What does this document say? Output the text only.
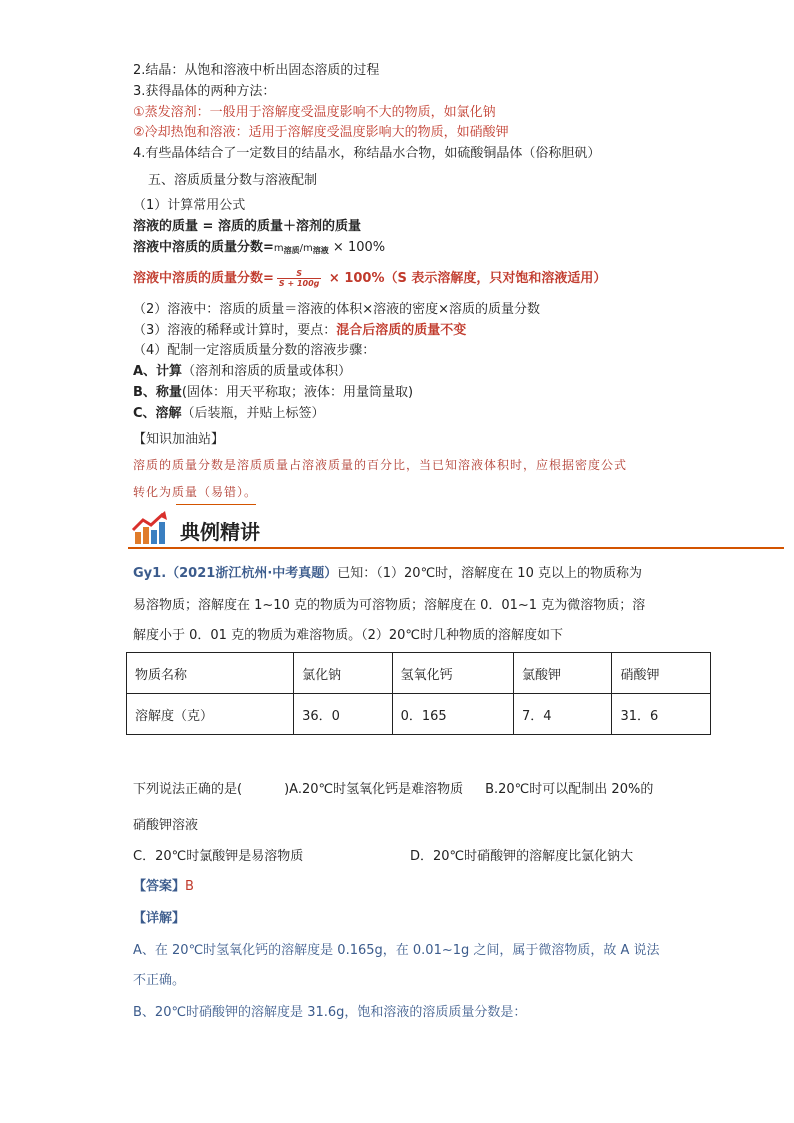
2.结晶：从饱和溶液中析出固态溶质的过程
3.获得晶体的两种方法：
①蒸发溶剂：一般用于溶解度受温度影响不大的物质，如氯化钠
②冷却热饱和溶液：适用于溶解度受温度影响大的物质，如硝酸钾
4.有些晶体结合了一定数目的结晶水，称结晶水合物，如硫酸铜晶体（俗称胆矾）
五、溶质质量分数与溶液配制
（1）计算常用公式
溶液的质量 = 溶质的质量＋溶剂的质量
溶液中溶质的质量分数$=m_{溶质}/m_{溶液} \times 100\%$
溶液中溶质的质量分数= $\frac{S}{S + 100g} \times 100\%(S$ 表示溶解度，只对饱和溶液适用）
（2）溶液中：溶质的质量＝溶液的体积×溶液的密度×溶质的质量分数
（3）溶液的稀释或计算时，要点：混合后溶质的质量不变
（4）配制一定溶质质量分数的溶液步骤：
A、计算（溶剂和溶质的质量或体积）
B、称量(固体：用天平称取；液体：用量筒量取)
C、溶解（后装瓶，并贴上标签）
【知识加油站】
溶质的质量分数是溶质质量占溶液质量的百分比，当已知溶液体积时，应根据密度公式
转化为质量（易错）。
典例精讲
Gy1.（2021浙江杭州·中考真题）已知：（1）20℃时，溶解度在 10 克以上的物质称为
易溶物质；溶解度在 1~10 克的物质为可溶物质；溶解度在 0．01~1 克为微溶物质；溶
解度小于 0．01 克的物质为难溶物质。（2）20℃时几种物质的溶解度如下
物质名称	氯化钠	氢氧化钙	氯酸钾	硝酸钾
溶解度（克）	36．0	0．165	7．4	31．6
下列说法正确的是(	)A.20℃时氢氧化钙是难溶物质 B.20℃时可以配制出 20%的
硝酸钾溶液
C．20℃时氯酸钾是易溶物质	D．20℃时硝酸钾的溶解度比氯化钠大
【答案】B
【详解】
A、在 20℃时氢氧化钙的溶解度是 0.165g，在 0.01~1g 之间，属于微溶物质，故 A 说法
不正确。
B、20℃时硝酸钾的溶解度是 31.6g，饱和溶液的溶质质量分数是：
